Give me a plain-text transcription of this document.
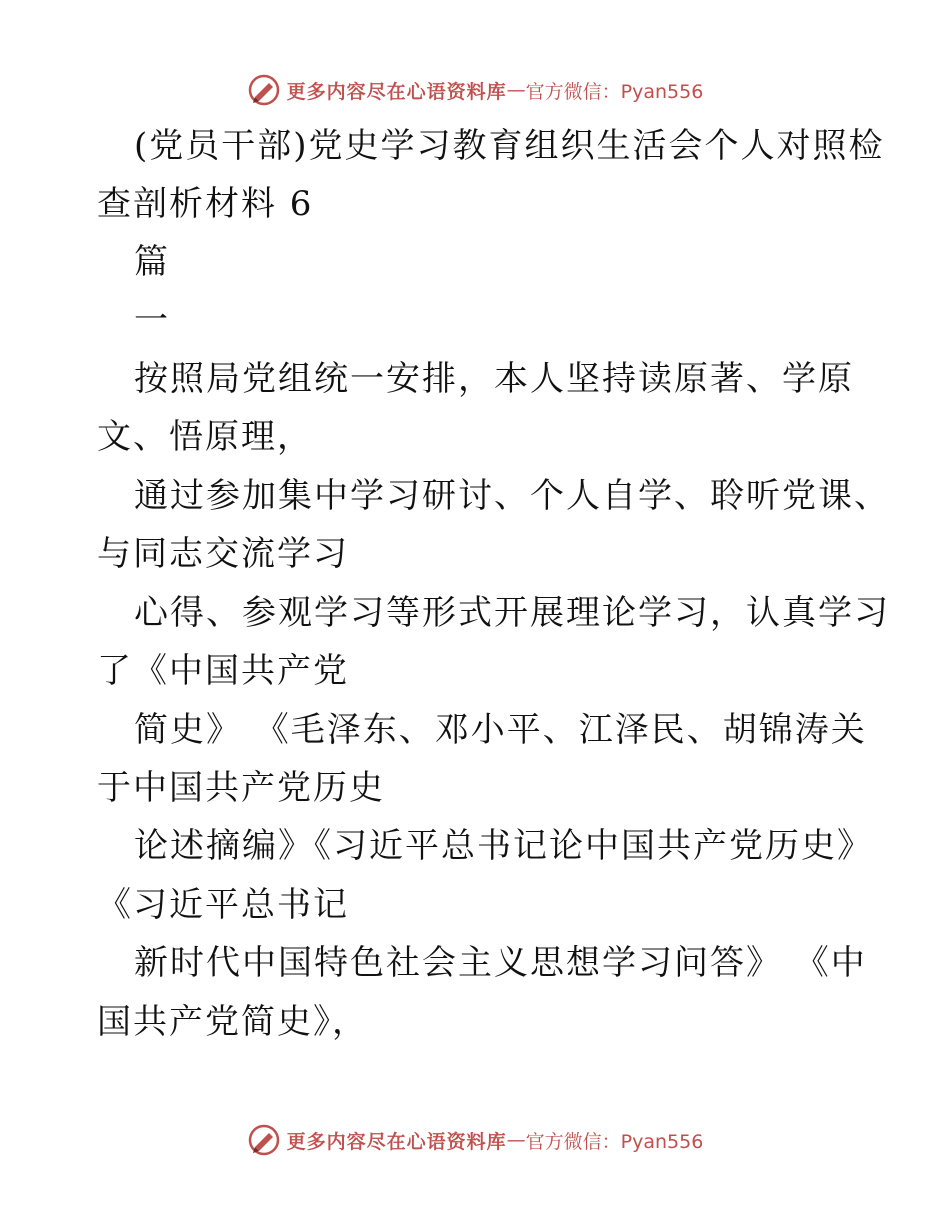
更多内容尽在心语资料库 — 官方微信：Pyan556
(党员干部)党史学习教育组织生活会个人对照检
查剖析材料 6
篇
一
按照局党组统一安排，本人坚持读原著、学原
文、悟原理，
通过参加集中学习研讨、个人自学、聆听党课、
与同志交流学习
心得、参观学习等形式开展理论学习，认真学习
了《中国共产党
简史》 《毛泽东、邓小平、江泽民、胡锦涛关
于中国共产党历史
论述摘编》《习近平总书记论中国共产党历史》
《习近平总书记
新时代中国特色社会主义思想学习问答》 《中
国共产党简史》，
更多内容尽在心语资料库 — 官方微信：Pyan556
